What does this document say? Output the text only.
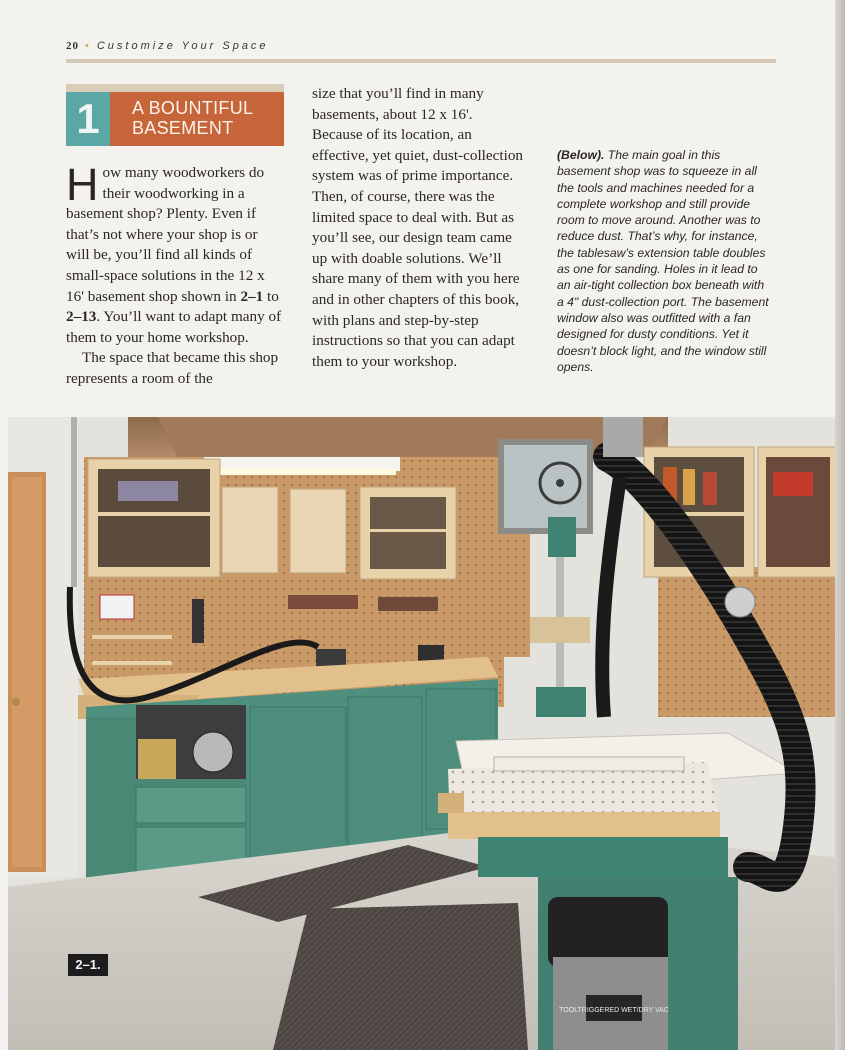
20 • Customize Your Space
1	A BOUNTIFUL BASEMENT

How many woodworkers do their woodworking in a basement shop? Plenty. Even if that’s not where your shop is or will be, you’ll find all kinds of small-space solutions in the 12 x 16' basement shop shown in 2–1 to 2–13. You’ll want to adapt many of them to your home workshop.

The space that became this shop represents a room of the

size that you’ll find in many basements, about 12 x 16'. Because of its location, an effective, yet quiet, dust-collection system was of prime importance. Then, of course, there was the limited space to deal with. But as you’ll see, our design team came up with doable solutions. We’ll share many of them with you here and in other chapters of this book, with plans and step-by-step instructions so that you can adapt them to your workshop.

(Below). The main goal in this basement shop was to squeeze in all the tools and machines needed for a complete workshop and still provide room to move around. Another was to reduce dust. That’s why, for instance, the tablesaw’s extension table doubles as one for sanding. Holes in it lead to an air-tight collection box beneath with a 4" dust-collection port. The basement window also was outfitted with a fan designed for dusty conditions. Yet it doesn’t block light, and the window still opens.
TOOLTRIGGERED WET/DRY VAC
2–1.
